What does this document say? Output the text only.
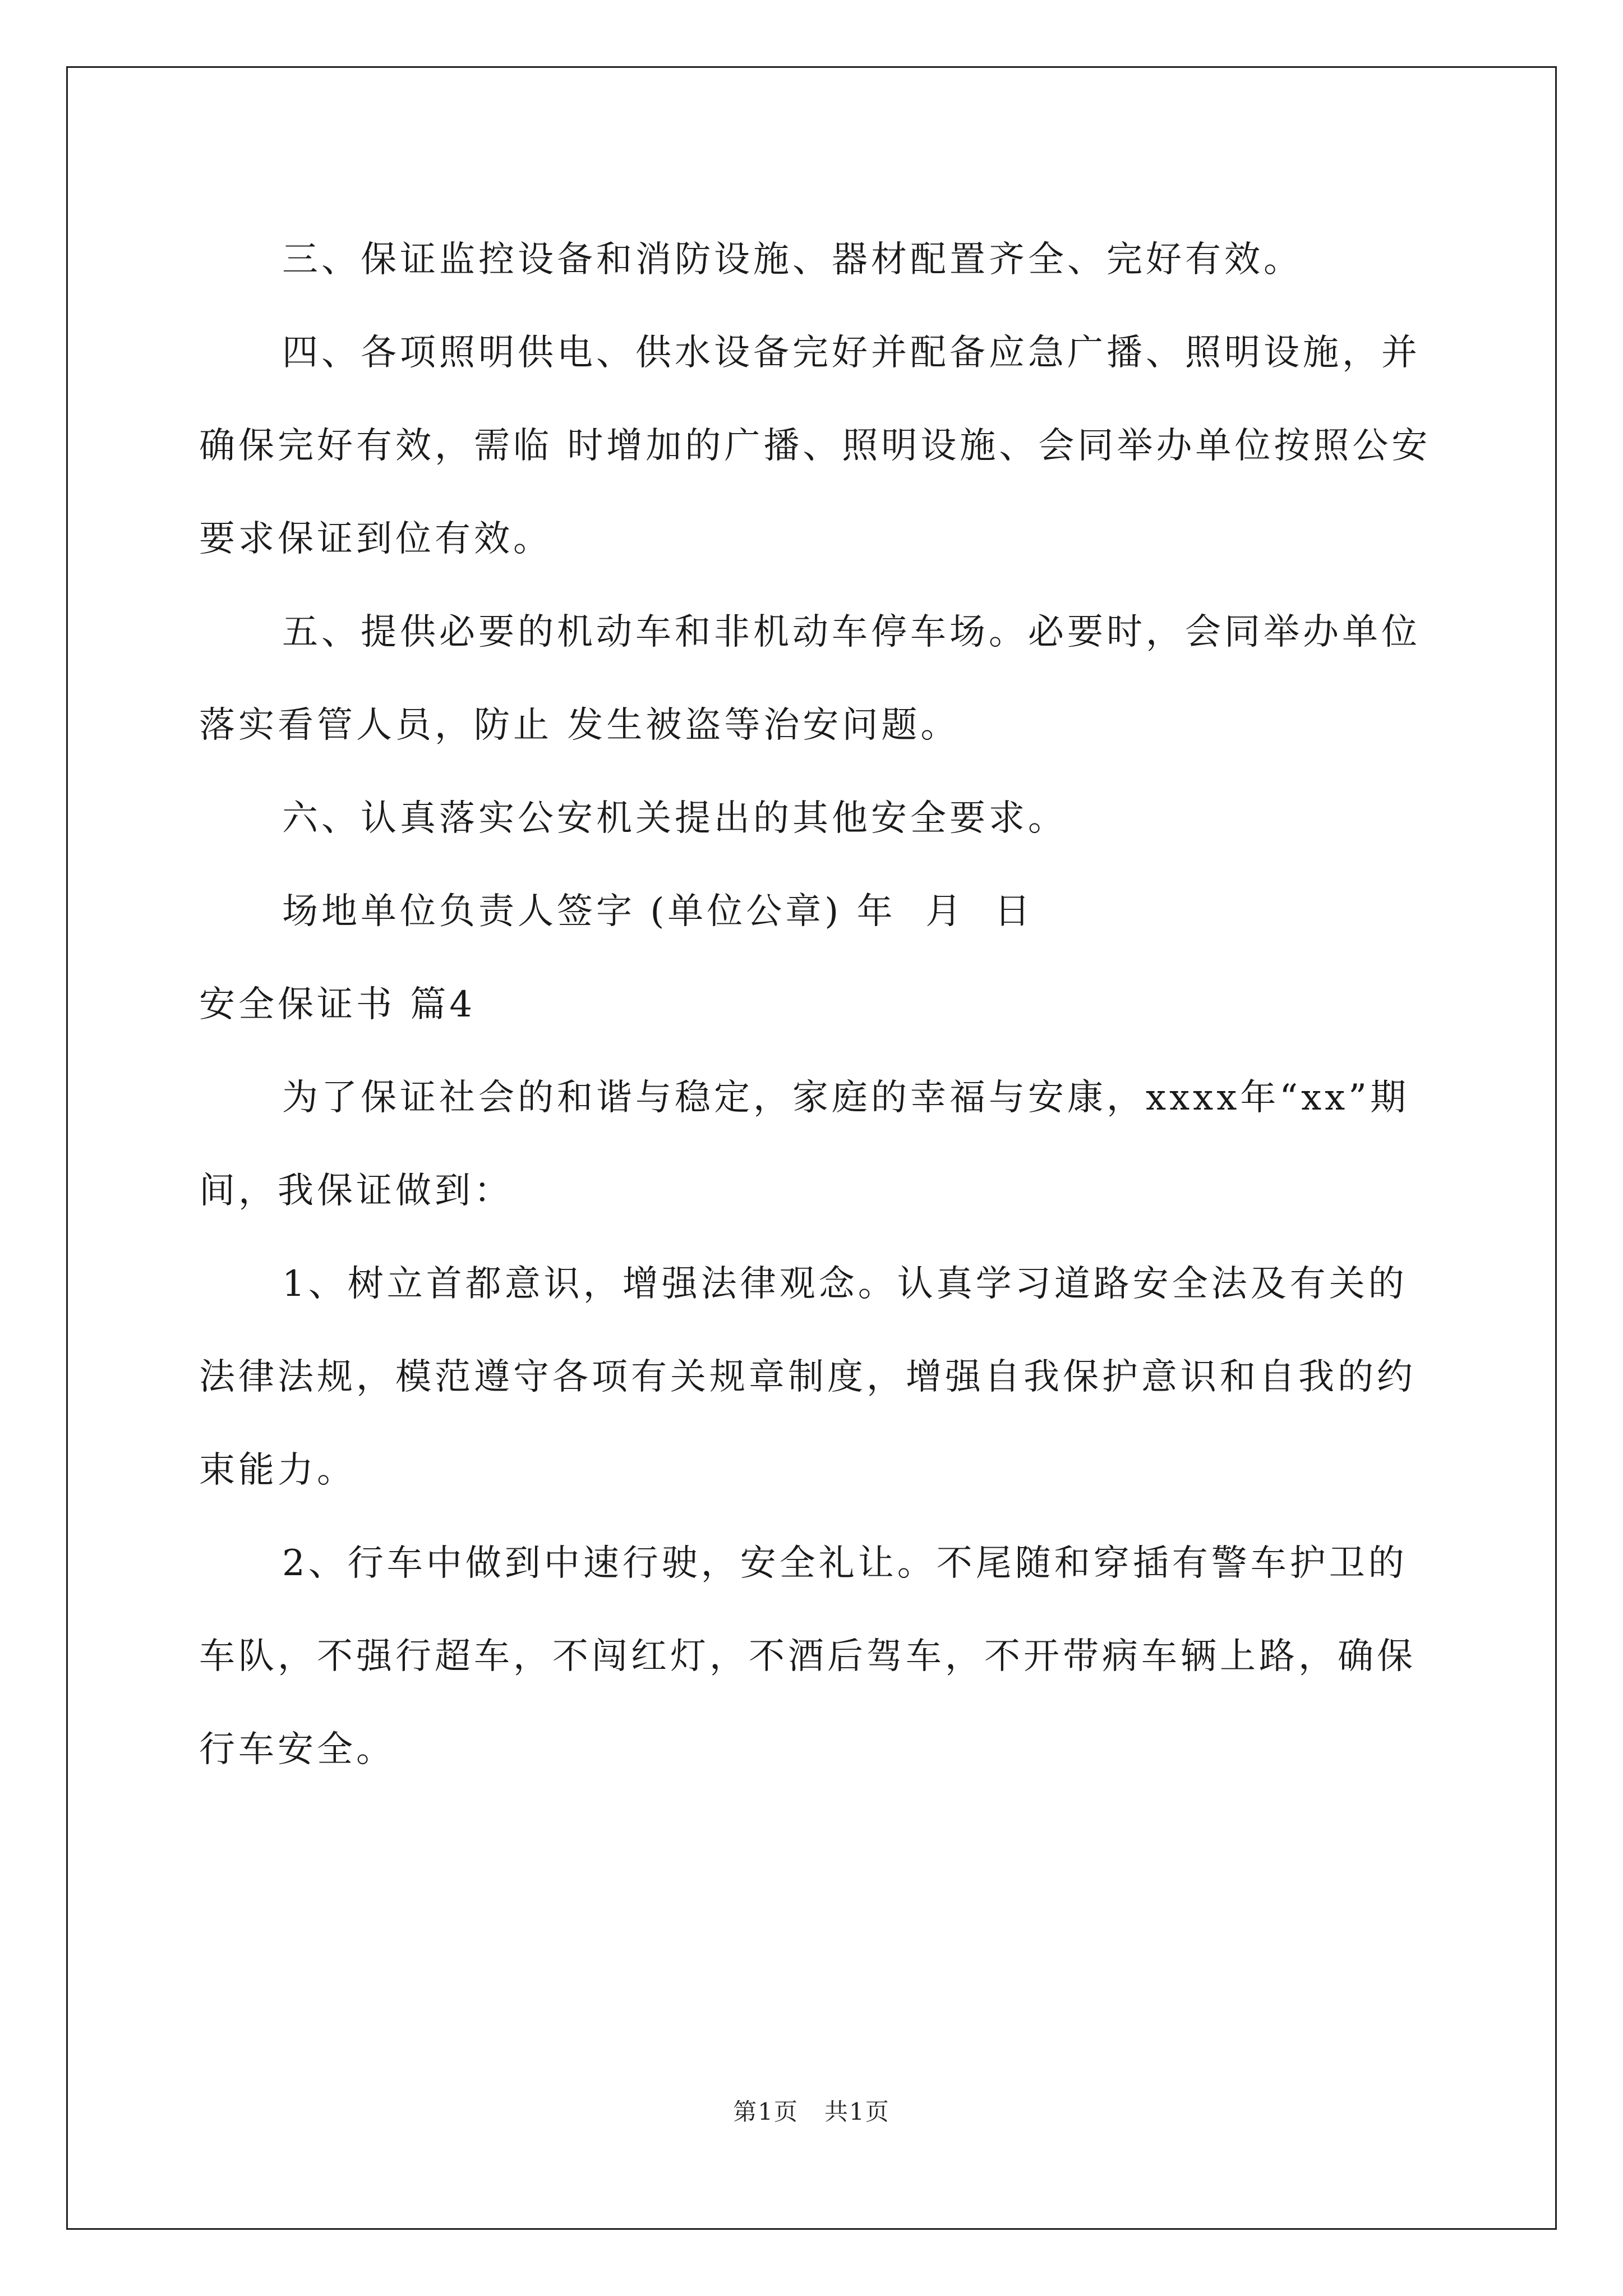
三、保证监控设备和消防设施、器材配置齐全、完好有效。

四、各项照明供电、供水设备完好并配备应急广播、照明设施，并确保完好有效，需临 时增加的广播、照明设施、会同举办单位按照公安要求保证到位有效。

五、提供必要的机动车和非机动车停车场。必要时，会同举办单位落实看管人员，防止 发生被盗等治安问题。

六、认真落实公安机关提出的其他安全要求。

场地单位负责人签字 (单位公章) 年  月  日

安全保证书 篇4

为了保证社会的和谐与稳定，家庭的幸福与安康，xxxx年“xx”期间，我保证做到：

1、树立首都意识，增强法律观念。认真学习道路安全法及有关的法律法规，模范遵守各项有关规章制度，增强自我保护意识和自我的约束能力。

2、行车中做到中速行驶，安全礼让。不尾随和穿插有警车护卫的车队，不强行超车，不闯红灯，不酒后驾车，不开带病车辆上路，确保行车安全。

第1页 共1页
